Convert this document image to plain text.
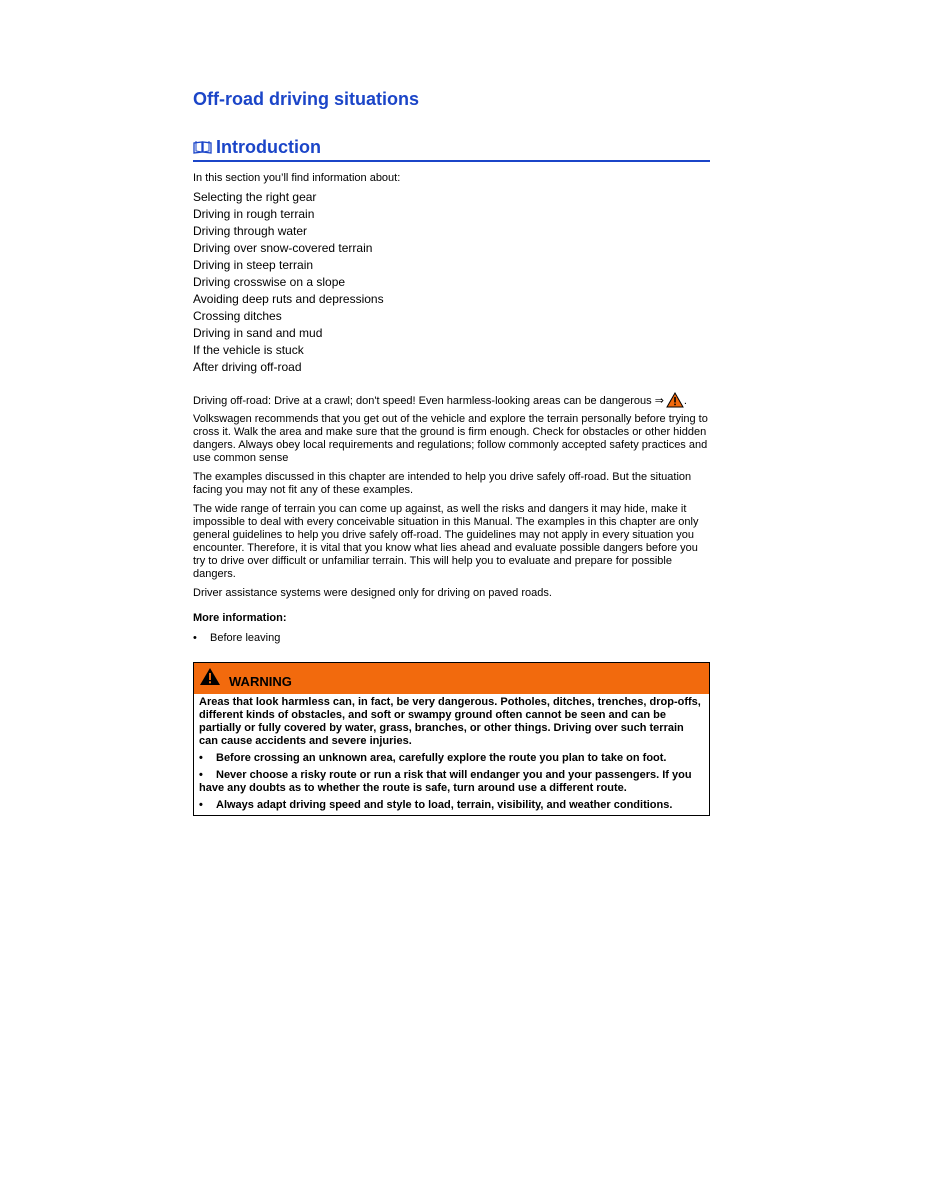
Off-road driving situations
Introduction
In this section you’ll find information about:
Selecting the right gear
Driving in rough terrain
Driving through water
Driving over snow-covered terrain
Driving in steep terrain
Driving crosswise on a slope
Avoiding deep ruts and depressions
Crossing ditches
Driving in sand and mud
If the vehicle is stuck
After driving off-road

Driving off-road: Drive at a crawl; don't speed! Even harmless-looking areas can be dangerous ⇒ .

Volkswagen recommends that you get out of the vehicle and explore the terrain personally before trying to cross it. Walk the area and make sure that the ground is firm enough. Check for obstacles or other hidden dangers. Always obey local requirements and regulations; follow commonly accepted safety practices and use common sense

The examples discussed in this chapter are intended to help you drive safely off-road. But the situation facing you may not fit any of these examples.

The wide range of terrain you can come up against, as well the risks and dangers it may hide, make it impossible to deal with every conceivable situation in this Manual. The examples in this chapter are only general guidelines to help you drive safely off-road. The guidelines may not apply in every situation you encounter. Therefore, it is vital that you know what lies ahead and evaluate possible dangers before you try to drive over difficult or unfamiliar terrain. This will help you to evaluate and prepare for possible dangers.

Driver assistance systems were designed only for driving on paved roads.

More information:
•	Before leaving
WARNING

Areas that look harmless can, in fact, be very dangerous. Potholes, ditches, trenches, drop-offs, different kinds of obstacles, and soft or swampy ground often cannot be seen and can be partially or fully covered by water, grass, branches, or other things. Driving over such terrain can cause accidents and severe injuries.

• Before crossing an unknown area, carefully explore the route you plan to take on foot.

• Never choose a risky route or run a risk that will endanger you and your passengers. If you have any doubts as to whether the route is safe, turn around use a different route.

• Always adapt driving speed and style to load, terrain, visibility, and weather conditions.
